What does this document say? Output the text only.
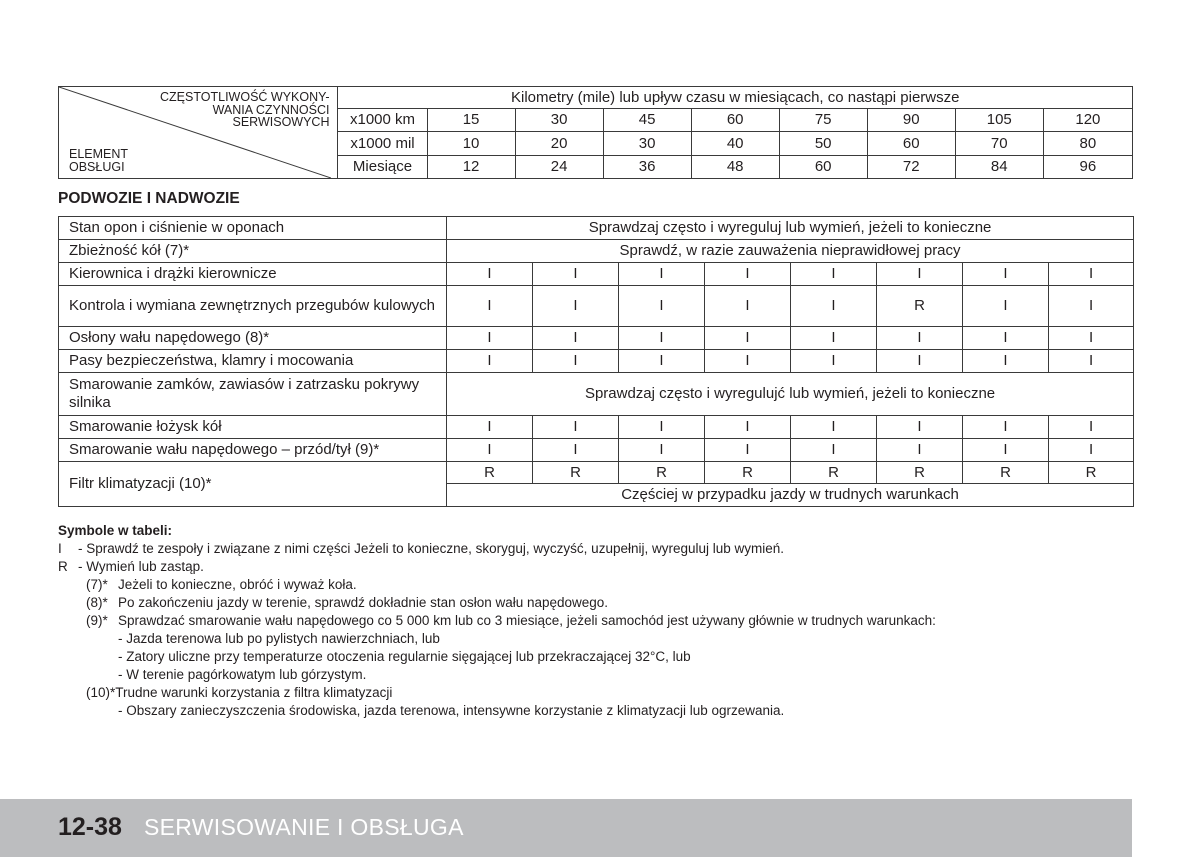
CZĘSTOTLIWOŚĆ WYKONY-
WANIA CZYNNOŚCI
SERWISOWYCH
ELEMENT
OBSŁUGI	Kilometry (mile) lub upływ czasu w miesiącach, co nastąpi pierwsze								
	x1000 km	15	30	45	60	75	90	105	120
	x1000 mil	10	20	30	40	50	60	70	80
	Miesiące	12	24	36	48	60	72	84	96
PODWOZIE I NADWOZIE
Stan opon i ciśnienie w oponach	Sprawdzaj często i wyreguluj lub wymień, jeżeli to konieczne							
Zbieżność kół (7)*	Sprawdź, w razie zauważenia nieprawidłowej pracy							
Kierownica i drążki kierownicze	I	I	I	I	I	I	I	I
Kontrola i wymiana zewnętrznych przegubów kulowych	I	I	I	I	I	R	I	I
Osłony wału napędowego (8)*	I	I	I	I	I	I	I	I
Pasy bezpieczeństwa, klamry i mocowania	I	I	I	I	I	I	I	I
Smarowanie zamków, zawiasów i zatrzasku pokrywy silnika	Sprawdzaj często i wyregulujć lub wymień, jeżeli to konieczne							
Smarowanie łożysk kół	I	I	I	I	I	I	I	I
Smarowanie wału napędowego – przód/tył (9)*	I	I	I	I	I	I	I	I
Filtr klimatyzacji (10)*	R	R	R	R	R	R	R	R
	Częściej w przypadku jazdy w trudnych warunkach							
Symbole w tabeli:
I	- Sprawdź te zespoły i związane z nimi części Jeżeli to konieczne, skoryguj, wyczyść, uzupełnij, wyreguluj lub wymień.
R - Wymień lub zastąp.
(7)* Jeżeli to konieczne, obróć i wyważ koła.
(8)* Po zakończeniu jazdy w terenie, sprawdź dokładnie stan osłon wału napędowego.
(9)* Sprawdzać smarowanie wału napędowego co 5 000 km lub co 3 miesiące, jeżeli samochód jest używany głównie w trudnych warunkach:
- Jazda terenowa lub po pylistych nawierzchniach, lub
- Zatory uliczne przy temperaturze otoczenia regularnie sięgającej lub przekraczającej 32°C, lub
- W terenie pagórkowatym lub górzystym.
(10)*Trudne warunki korzystania z filtra klimatyzacji
- Obszary zanieczyszczenia środowiska, jazda terenowa, intensywne korzystanie z klimatyzacji lub ogrzewania.
12-38 SERWISOWANIE I OBSŁUGA
